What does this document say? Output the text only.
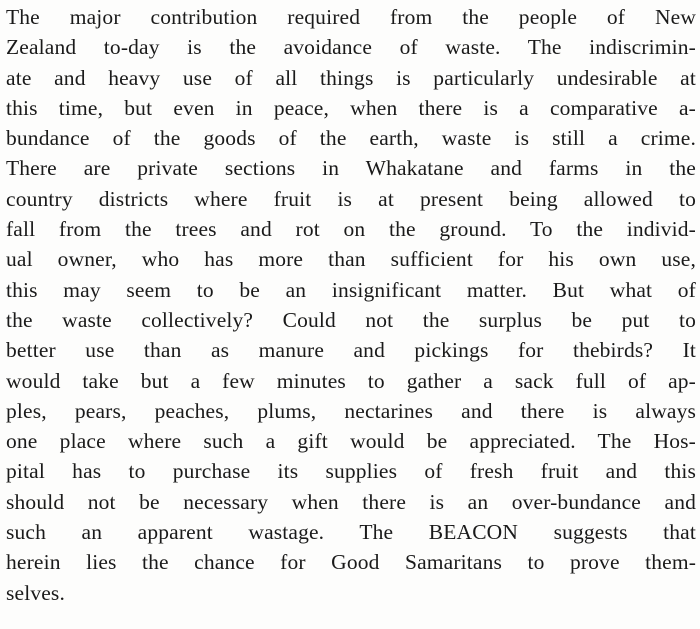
The major contribution required from the people of New
Zealand to-day is the avoidance of waste. The indiscrimin-
ate and heavy use of all things is particularly undesirable at
this time, but even in peace, when there is a comparative a-
bundance of the goods of the earth, waste is still a crime.
There are private sections in Whakatane and farms in the
country districts where fruit is at present being allowed to
fall from the trees and rot on the ground. To the individ-
ual owner, who has more than sufficient for his own use,
this may seem to be an insignificant matter. But what of
the waste collectively? Could not the surplus be put to
better use than as manure and pickings for thebirds? It
would take but a few minutes to gather a sack full of ap-
ples, pears, peaches, plums, nectarines and there is always
one place where such a gift would be appreciated. The Hos-
pital has to purchase its supplies of fresh fruit and this
should not be necessary when there is an over-bundance and
such an apparent wastage. The BEACON suggests that
herein lies the chance for Good Samaritans to prove them-
selves.
